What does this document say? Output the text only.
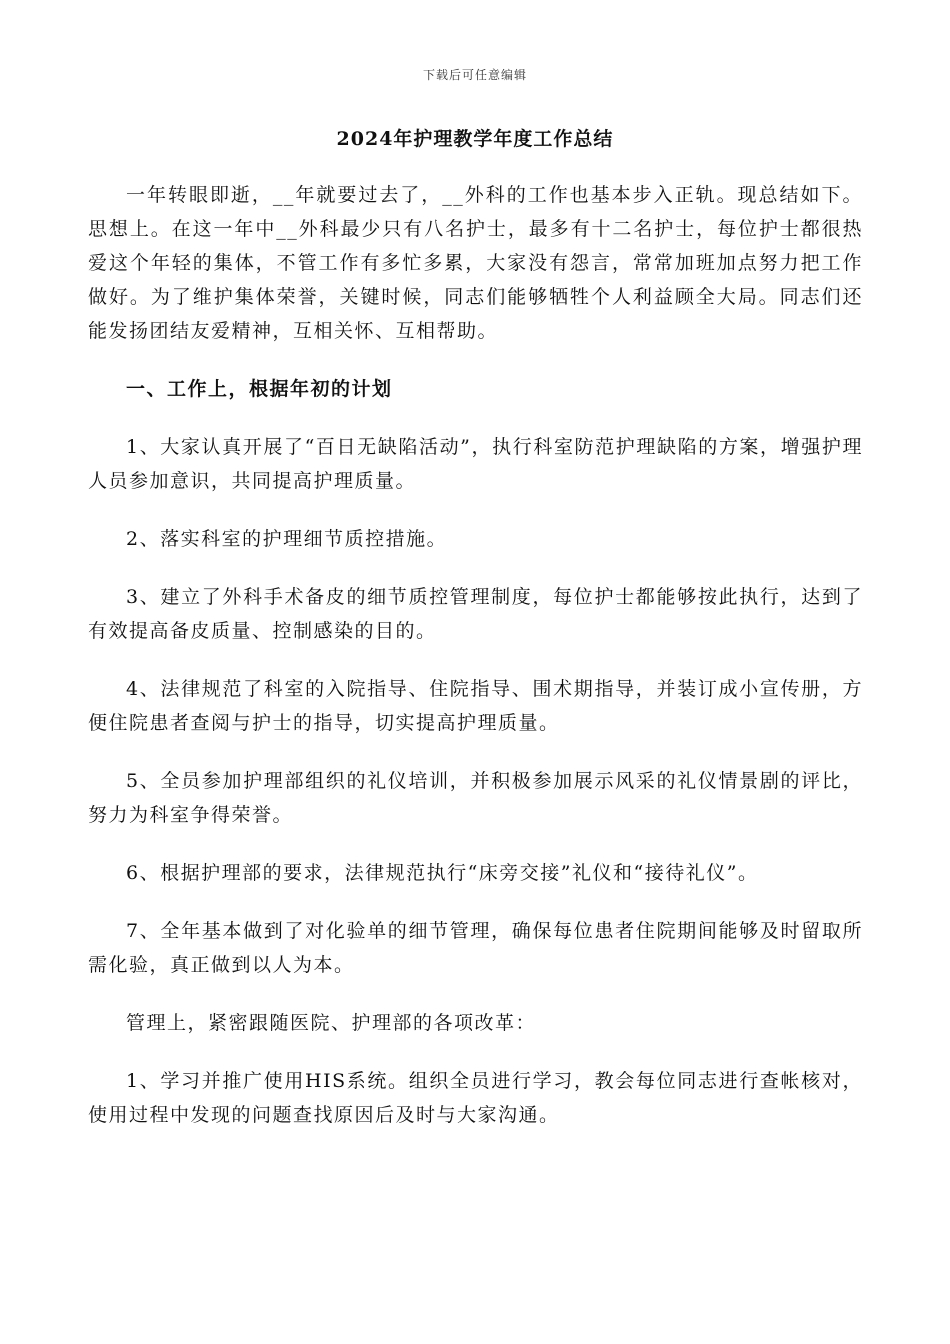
下载后可任意编辑
2024年护理教学年度工作总结

一年转眼即逝，__年就要过去了，__外科的工作也基本步入正轨。现总结如下。思想上。在这一年中__外科最少只有八名护士，最多有十二名护士，每位护士都很热爱这个年轻的集体，不管工作有多忙多累，大家没有怨言，常常加班加点努力把工作做好。为了维护集体荣誉，关键时候，同志们能够牺牲个人利益顾全大局。同志们还能发扬团结友爱精神，互相关怀、互相帮助。

一、工作上，根据年初的计划

1、大家认真开展了“百日无缺陷活动”，执行科室防范护理缺陷的方案，增强护理人员参加意识，共同提高护理质量。

2、落实科室的护理细节质控措施。

3、建立了外科手术备皮的细节质控管理制度，每位护士都能够按此执行，达到了有效提高备皮质量、控制感染的目的。

4、法律规范了科室的入院指导、住院指导、围术期指导，并装订成小宣传册，方便住院患者查阅与护士的指导，切实提高护理质量。

5、全员参加护理部组织的礼仪培训，并积极参加展示风采的礼仪情景剧的评比，努力为科室争得荣誉。

6、根据护理部的要求，法律规范执行“床旁交接”礼仪和“接待礼仪”。

7、全年基本做到了对化验单的细节管理，确保每位患者住院期间能够及时留取所需化验，真正做到以人为本。

管理上，紧密跟随医院、护理部的各项改革：

1、学习并推广使用HIS系统。组织全员进行学习，教会每位同志进行查帐核对，使用过程中发现的问题查找原因后及时与大家沟通。
